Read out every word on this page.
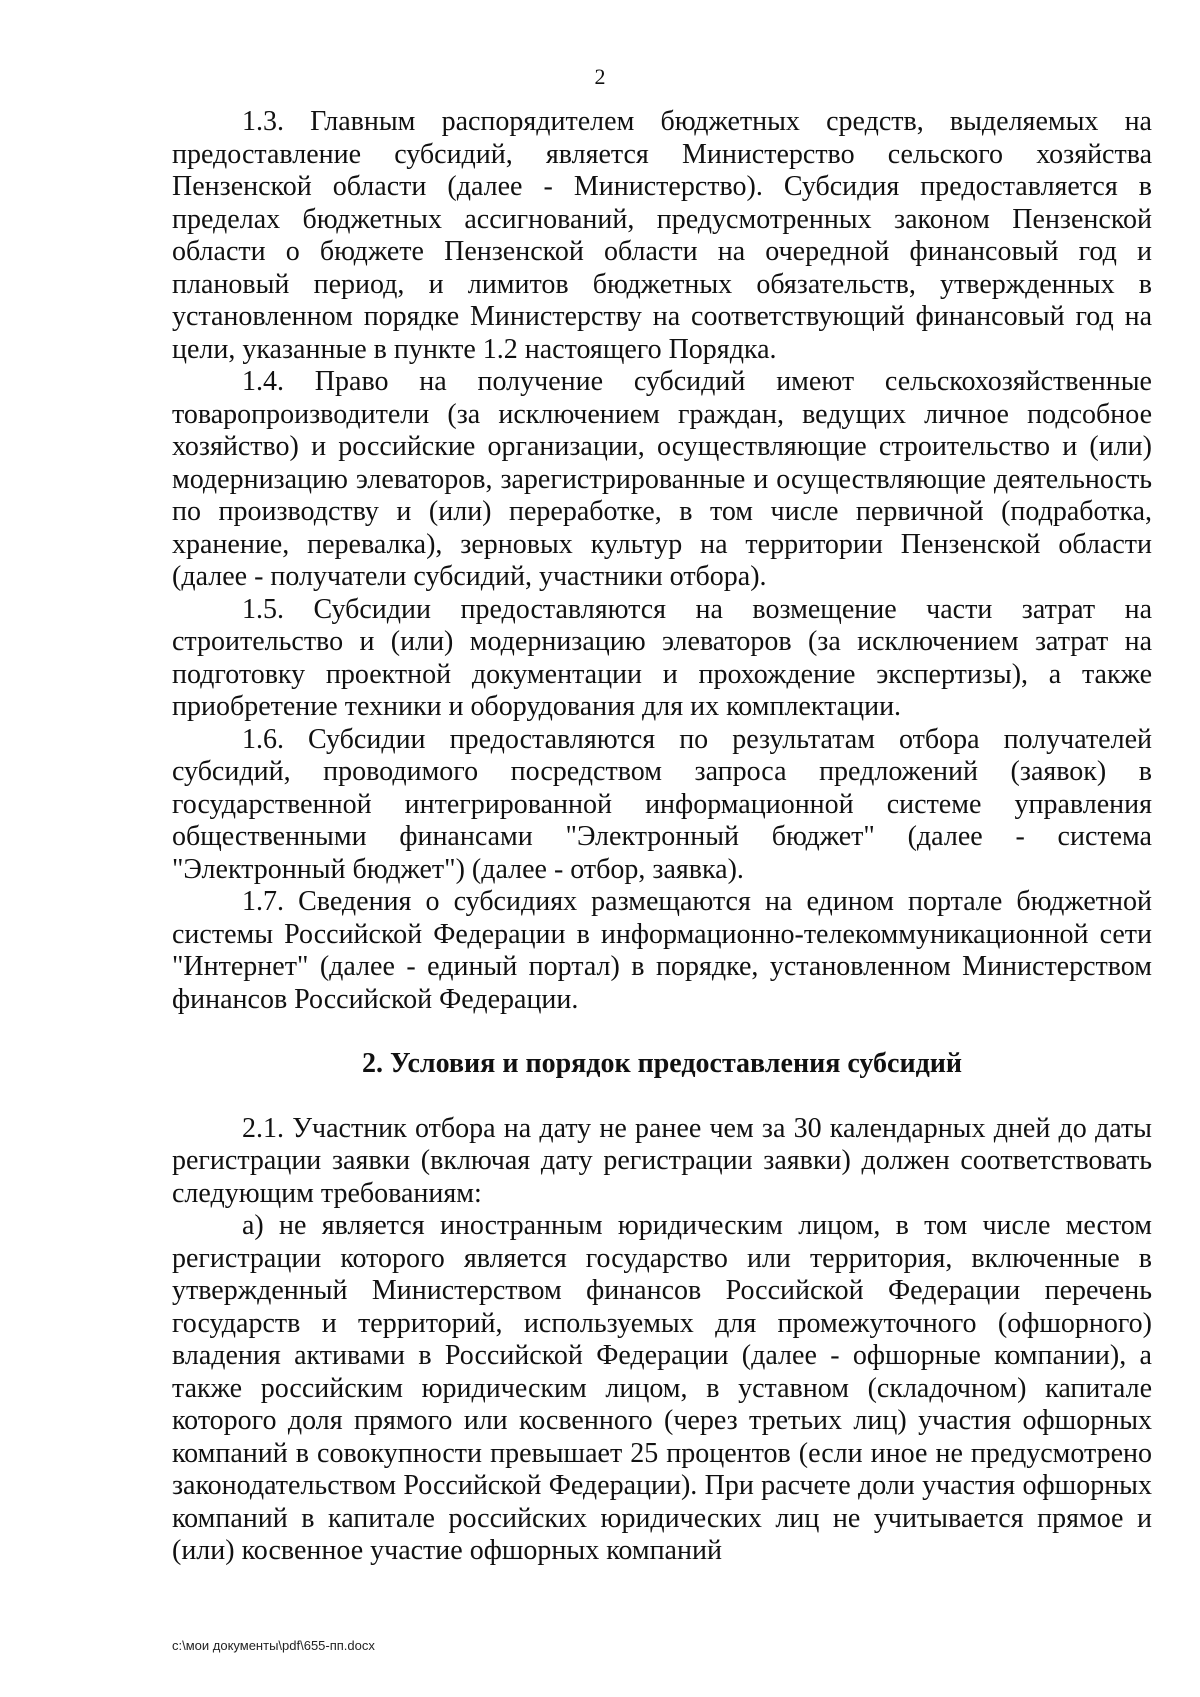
2

1.3. Главным распорядителем бюджетных средств, выделяемых на предоставление субсидий, является Министерство сельского хозяйства Пензенской области (далее - Министерство). Субсидия предоставляется в пределах бюджетных ассигнований, предусмотренных законом Пензенской области о бюджете Пензенской области на очередной финансовый год и плановый период, и лимитов бюджетных обязательств, утвержденных в установленном порядке Министерству на соответствующий финансовый год на цели, указанные в пункте 1.2 настоящего Порядка.

1.4. Право на получение субсидий имеют сельскохозяйственные товаропроизводители (за исключением граждан, ведущих личное подсобное хозяйство) и российские организации, осуществляющие строительство и (или) модернизацию элеваторов, зарегистрированные и осуществляющие деятельность по производству и (или) переработке, в том числе первичной (подработка, хранение, перевалка), зерновых культур на территории Пензенской области (далее - получатели субсидий, участники отбора).

1.5. Субсидии предоставляются на возмещение части затрат на строительство и (или) модернизацию элеваторов (за исключением затрат на подготовку проектной документации и прохождение экспертизы), а также приобретение техники и оборудования для их комплектации.

1.6. Субсидии предоставляются по результатам отбора получателей субсидий, проводимого посредством запроса предложений (заявок) в государственной интегрированной информационной системе управления общественными финансами "Электронный бюджет" (далее - система "Электронный бюджет") (далее - отбор, заявка).

1.7. Сведения о субсидиях размещаются на едином портале бюджетной системы Российской Федерации в информационно-телекоммуникационной сети "Интернет" (далее - единый портал) в порядке, установленном Министерством финансов Российской Федерации.

2. Условия и порядок предоставления субсидий

2.1. Участник отбора на дату не ранее чем за 30 календарных дней до даты регистрации заявки (включая дату регистрации заявки) должен соответствовать следующим требованиям:

а) не является иностранным юридическим лицом, в том числе местом регистрации которого является государство или территория, включенные в утвержденный Министерством финансов Российской Федерации перечень государств и территорий, используемых для промежуточного (офшорного) владения активами в Российской Федерации (далее - офшорные компании), а также российским юридическим лицом, в уставном (складочном) капитале которого доля прямого или косвенного (через третьих лиц) участия офшорных компаний в совокупности превышает 25 процентов (если иное не предусмотрено законодательством Российской Федерации). При расчете доли участия офшорных компаний в капитале российских юридических лиц не учитывается прямое и (или) косвенное участие офшорных компаний

c:\мои документы\pdf\655-пп.docx
